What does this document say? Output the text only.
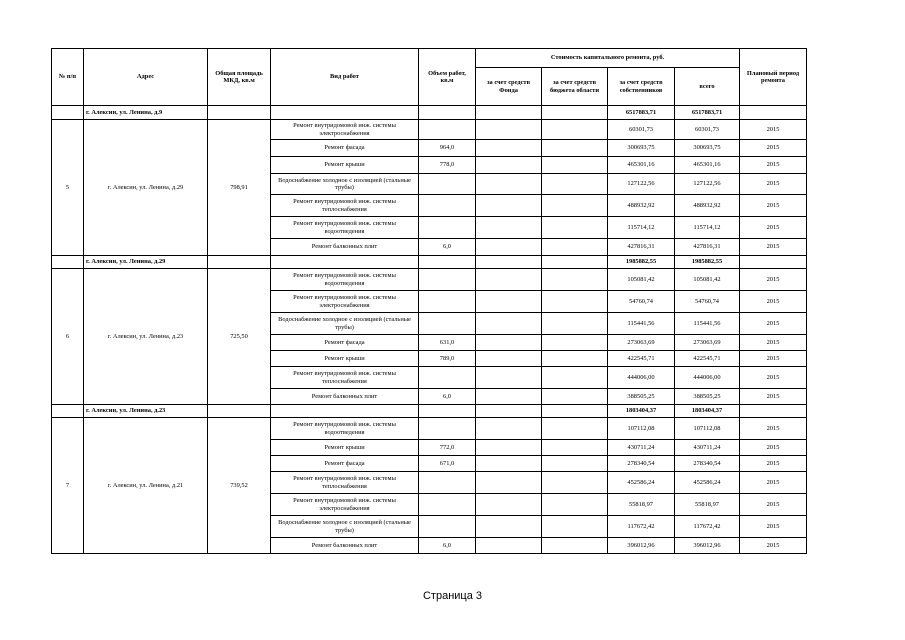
№ п/п	Адрес	Общая площадь МКД, кв.м	Вид работ	Объем работ, кв.м	Стоимость капитального ремонта, руб.				Плановый период ремонта
					за счет средств Фонда	за счет средств бюджета области	за счет средств собственников	всего	
	г. Алексин, ул. Ленина, д.9						6517883,71	6517883,71	
5	г. Алексин, ул. Ленина, д.29	798,91	Ремонт внутридомовой инж. системы электроснабжения				60301,73	60301,73	2015
			Ремонт фасада	964,0			300693,75	300693,75	2015
			Ремонт крыши	778,0			465301,16	465301,16	2015
			Водоснабжение холодное с изоляцией (стальные трубы)				127122,56	127122,56	2015
			Ремонт внутридомовой инж. системы теплоснабжения				488932,92	488932,92	2015
			Ремонт внутридомовой инж. системы водоотведения				115714,12	115714,12	2015
			Ремонт балконных плит	6,0			427816,31	427816,31	2015
	г. Алексин, ул. Ленина, д.29						1985882,55	1985882,55	
6	г. Алексин, ул. Ленина, д.23	725,50	Ремонт внутридомовой инж. системы водоотведения				105081,42	105081,42	2015
			Ремонт внутридомовой инж. системы электроснабжения				54760,74	54760,74	2015
			Водоснабжение холодное с изоляцией (стальные трубы)				115441,56	115441,56	2015
			Ремонт фасада	631,0			273063,69	273063,69	2015
			Ремонт крыши	789,0			422545,71	422545,71	2015
			Ремонт внутридомовой инж. системы теплоснабжения				444006,00	444006,00	2015
			Ремонт балконных плит	6,0			388505,25	388505,25	2015
	г. Алексин, ул. Ленина, д.23						1803404,37	1803404,37	
7	г. Алексин, ул. Ленина, д.21	739,52	Ремонт внутридомовой инж. системы водоотведения				107112,08	107112,08	2015
			Ремонт крыши	772,0			430711,24	430711,24	2015
			Ремонт фасада	671,0			278340,54	278340,54	2015
			Ремонт внутридомовой инж. системы теплоснабжения				452586,24	452586,24	2015
			Ремонт внутридомовой инж. системы электроснабжения				55818,97	55818,97	2015
			Водоснабжение холодное с изоляцией (стальные трубы)				117672,42	117672,42	2015
			Ремонт балконных плит	6,0			396012,96	396012,96	2015
Страница 3
